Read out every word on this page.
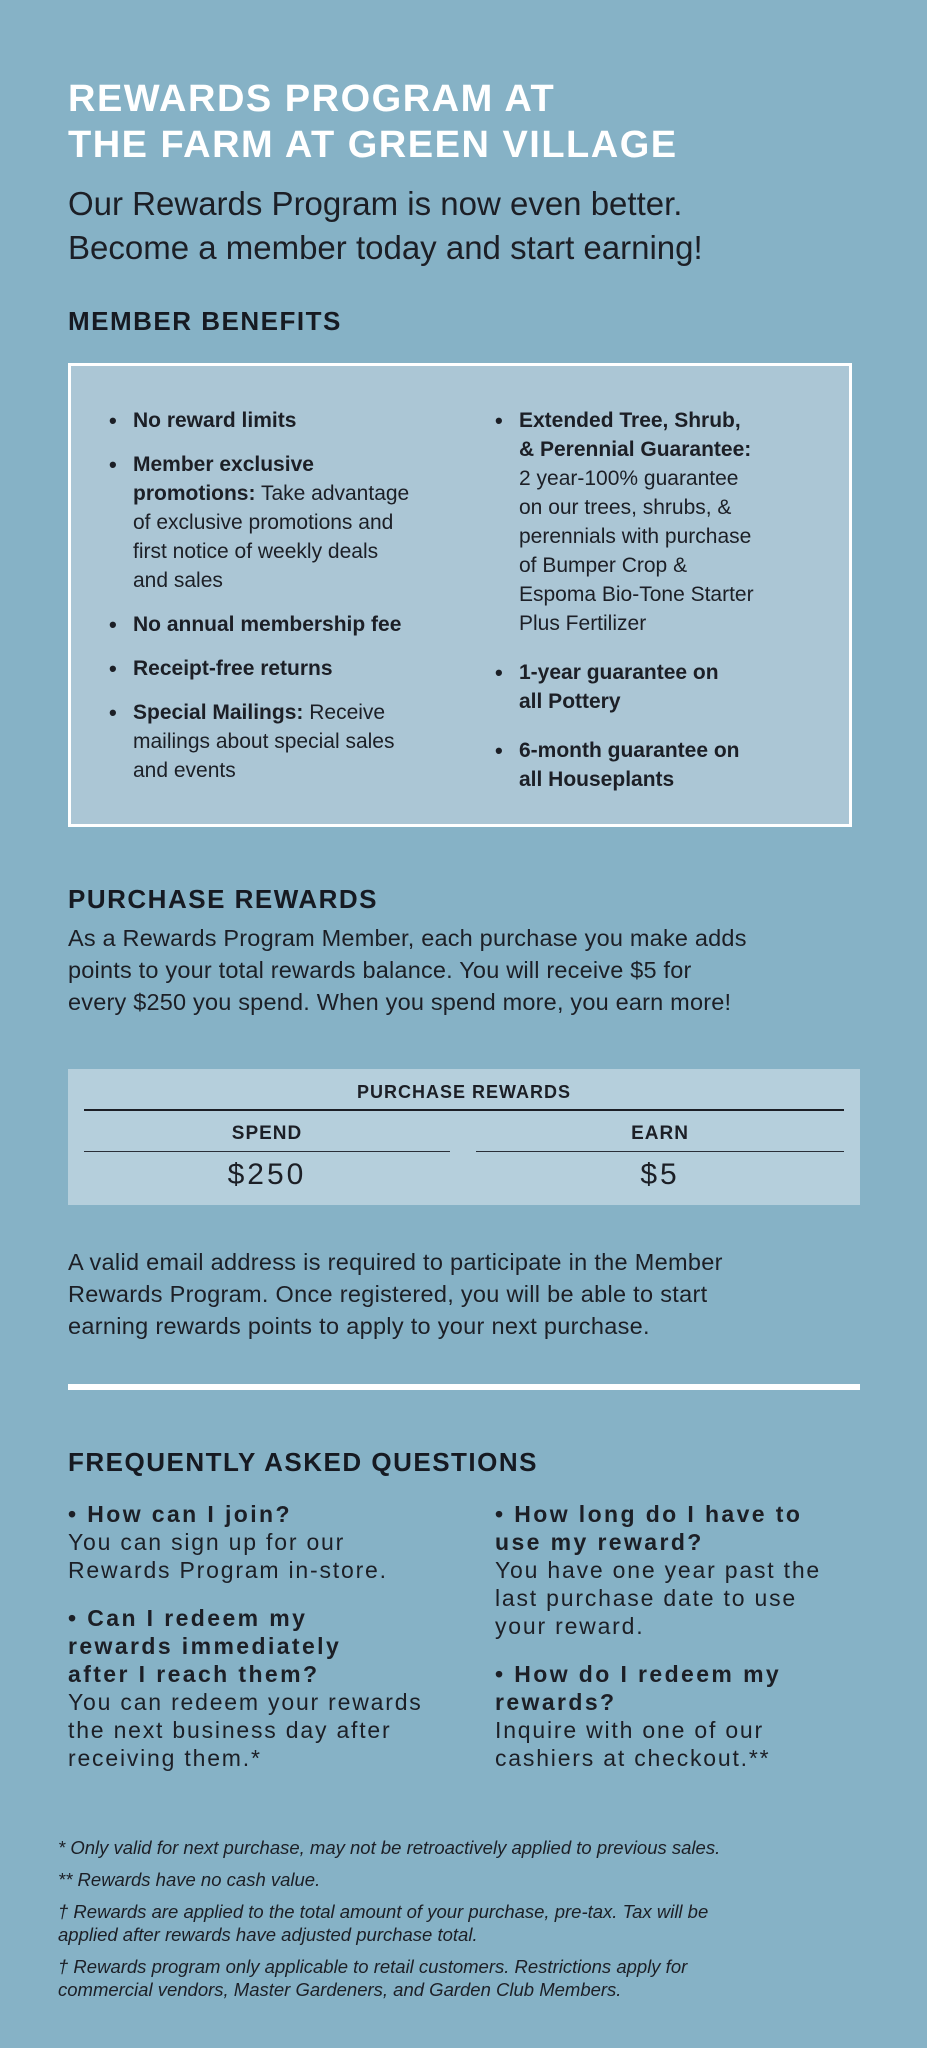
REWARDS PROGRAM AT
THE FARM AT GREEN VILLAGE

Our Rewards Program is now even better.
Become a member today and start earning!

MEMBER BENEFITS
• No reward limits
• Member exclusive
promotions: Take advantage
of exclusive promotions and
first notice of weekly deals
and sales
• No annual membership fee
• Receipt-free returns
• Special Mailings: Receive
mailings about special sales
and events
• Extended Tree, Shrub,
& Perennial Guarantee:
2 year-100% guarantee
on our trees, shrubs, &
perennials with purchase
of Bumper Crop &
Espoma Bio-Tone Starter
Plus Fertilizer
• 1-year guarantee on
all Pottery
• 6-month guarantee on
all Houseplants
PURCHASE REWARDS

As a Rewards Program Member, each purchase you make adds
points to your total rewards balance. You will receive $5 for
every $250 you spend. When you spend more, you earn more!

PURCHASE REWARDS
SPEND
$250
EARN
$5

A valid email address is required to participate in the Member
Rewards Program. Once registered, you will be able to start
earning rewards points to apply to your next purchase.

FREQUENTLY ASKED QUESTIONS
• How can I join?
You can sign up for our
Rewards Program in-store.
• Can I redeem my
rewards immediately
after I reach them?
You can redeem your rewards
the next business day after
receiving them.*
• How long do I have to
use my reward?
You have one year past the
last purchase date to use
your reward.
• How do I redeem my
rewards?
Inquire with one of our
cashiers at checkout.**
* Only valid for next purchase, may not be retroactively applied to previous sales.
** Rewards have no cash value.
† Rewards are applied to the total amount of your purchase, pre-tax. Tax will be
applied after rewards have adjusted purchase total.
† Rewards program only applicable to retail customers. Restrictions apply for
commercial vendors, Master Gardeners, and Garden Club Members.
